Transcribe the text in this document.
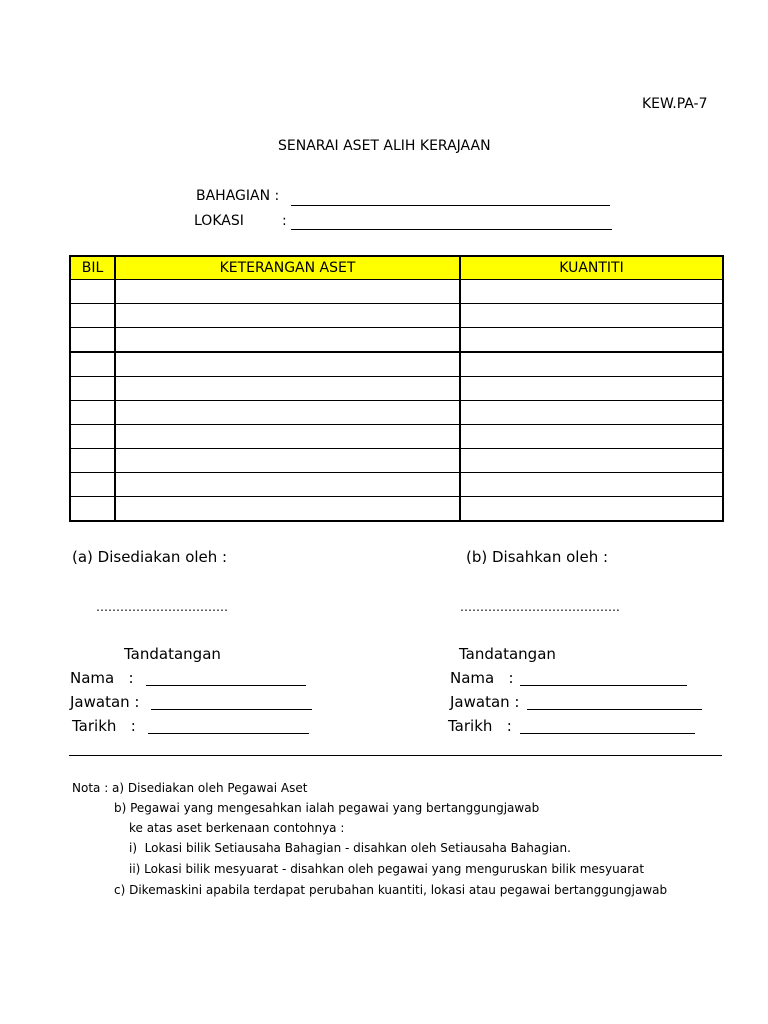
KEW.PA-7
SENARAI ASET ALIH KERAJAAN
BAHAGIAN :
LOKASI	:
BIL	KETERANGAN ASET	KUANTITI

(a) Disediakan oleh :
……………………………
Tandatangan
Nama   :
Jawatan :
Tarikh   :
(b) Disahkan oleh :
………………………………….
Tandatangan
Nama   :
Jawatan :
Tarikh   :
Nota : a) Disediakan oleh Pegawai Aset
b) Pegawai yang mengesahkan ialah pegawai yang bertanggungjawab
ke atas aset berkenaan contohnya :
i)  Lokasi bilik Setiausaha Bahagian - disahkan oleh Setiausaha Bahagian.
ii) Lokasi bilik mesyuarat - disahkan oleh pegawai yang menguruskan bilik mesyuarat
c) Dikemaskini apabila terdapat perubahan kuantiti, lokasi atau pegawai bertanggungjawab
